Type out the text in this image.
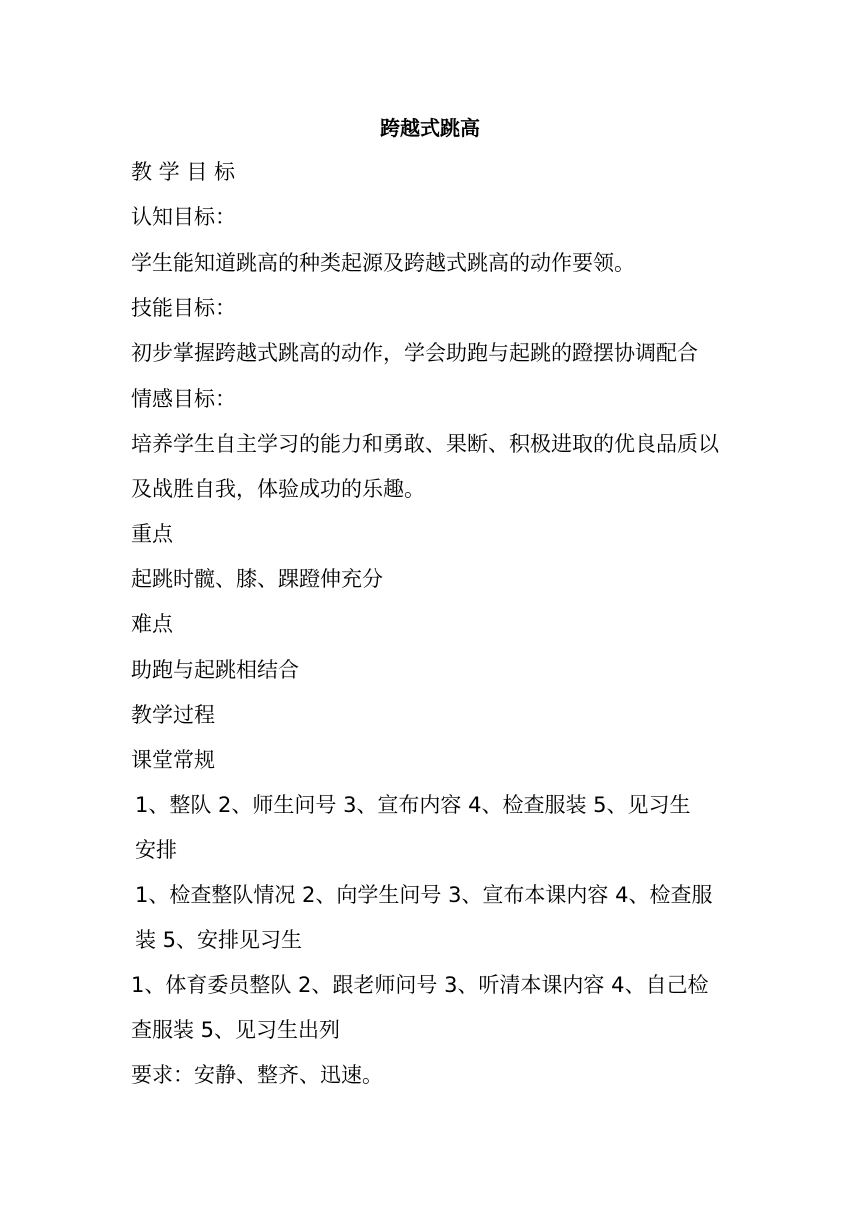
跨越式跳高
教 学 目 标
认知目标：
学生能知道跳高的种类起源及跨越式跳高的动作要领。
技能目标：
初步掌握跨越式跳高的动作，学会助跑与起跳的蹬摆协调配合
情感目标：
培养学生自主学习的能力和勇敢、果断、积极进取的优良品质以
及战胜自我，体验成功的乐趣。
重点
起跳时髋、膝、踝蹬伸充分
难点
助跑与起跳相结合
教学过程
课堂常规
1、整队 2、师生问号 3、宣布内容 4、检查服装 5、见习生
安排
1、检查整队情况 2、向学生问号 3、宣布本课内容 4、检查服
装 5、安排见习生
1、体育委员整队 2、跟老师问号 3、听清本课内容 4、自己检
查服装 5、见习生出列
要求：安静、整齐、迅速。
